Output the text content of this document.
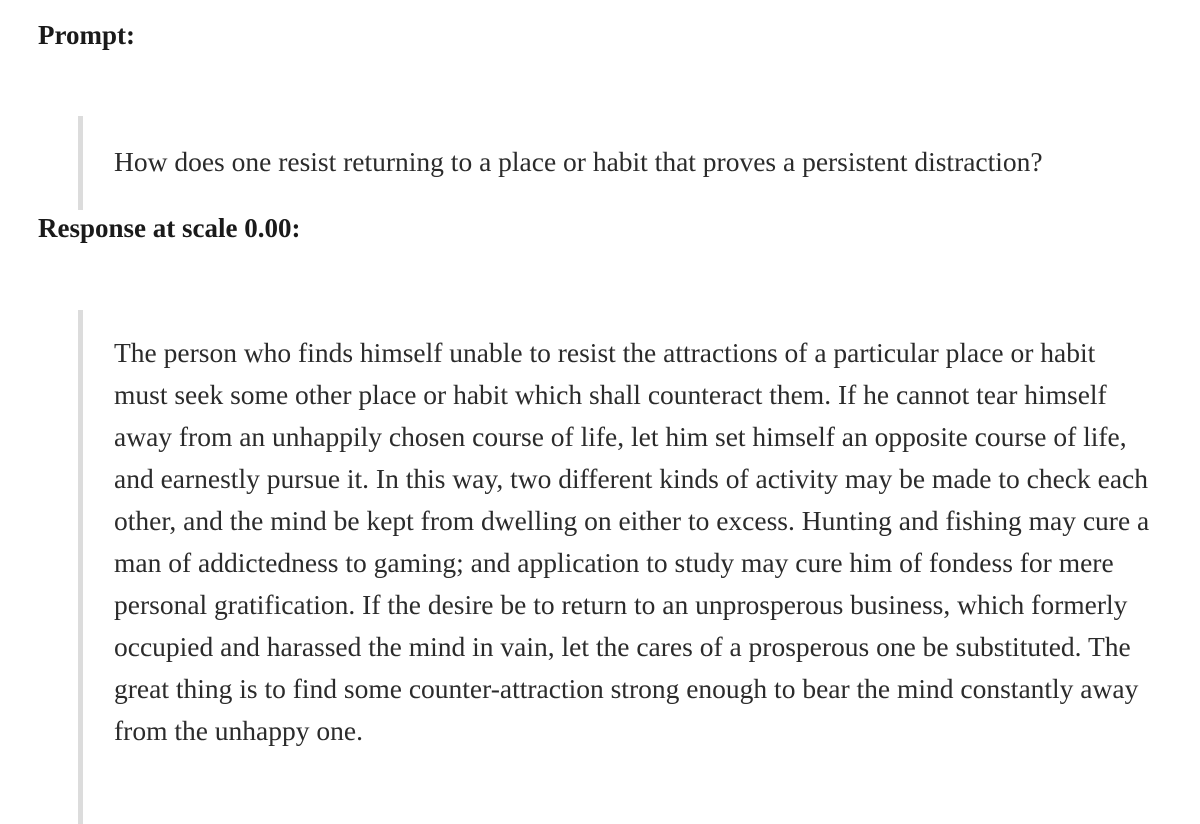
Prompt:

How does one resist returning to a place or habit that proves a persistent distraction?

Response at scale 0.00:

The person who finds himself unable to resist the attractions of a particular place or habit must seek some other place or habit which shall counteract them. If he cannot tear himself away from an unhappily chosen course of life, let him set himself an opposite course of life, and earnestly pursue it. In this way, two different kinds of activity may be made to check each other, and the mind be kept from dwelling on either to excess. Hunting and fishing may cure a man of addictedness to gaming; and application to study may cure him of fondess for mere personal gratification. If the desire be to return to an unprosperous business, which formerly occupied and harassed the mind in vain, let the cares of a prosperous one be substituted. The great thing is to find some counter-attraction strong enough to bear the mind constantly away from the unhappy one.
